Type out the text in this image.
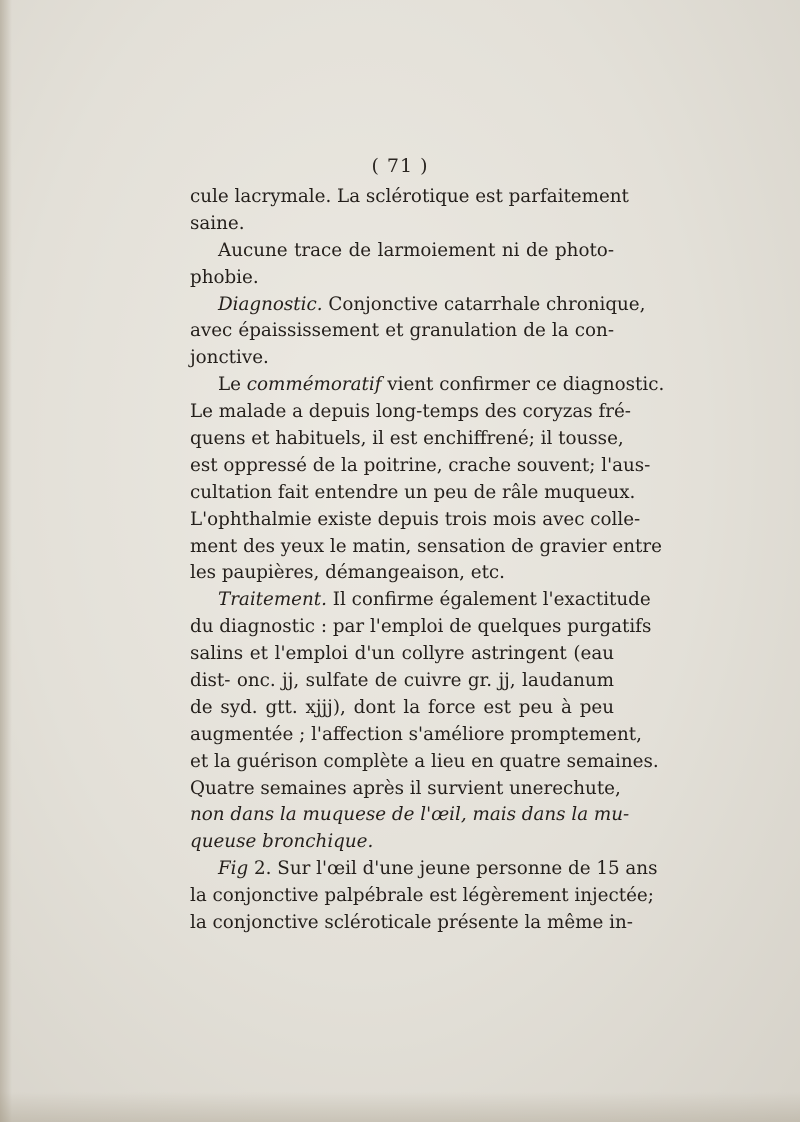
( 71 )
cule lacrymale. La sclérotique est parfaitement
saine.
Aucune trace de larmoiement ni de photo-
phobie.
Diagnostic. Conjonctive catarrhale chronique,
avec épaississement et granulation de la con-
jonctive.
Le commémoratif vient confirmer ce diagnostic.
Le malade a depuis long-temps des coryzas fré-
quens et habituels, il est enchiffrené; il tousse,
est oppressé de la poitrine, crache souvent; l'aus-
cultation fait entendre un peu de râle muqueux.
L'ophthalmie existe depuis trois mois avec colle-
ment des yeux le matin, sensation de gravier entre
les paupières, démangeaison, etc.
Traitement. Il confirme également l'exactitude
du diagnostic : par l'emploi de quelques purgatifs
salins et l'emploi d'un collyre astringent (eau
dist- onc. jj, sulfate de cuivre gr. jj, laudanum
de syd. gtt. xjjj), dont la force est peu à peu
augmentée ; l'affection s'améliore promptement,
et la guérison complète a lieu en quatre semaines.
Quatre semaines après il survient unerechute,
non dans la muquese de l'œil, mais dans la mu-
queuse bronchique.
Fig 2. Sur l'œil d'une jeune personne de 15 ans
la conjonctive palpébrale est légèrement injectée;
la conjonctive scléroticale présente la même in-
